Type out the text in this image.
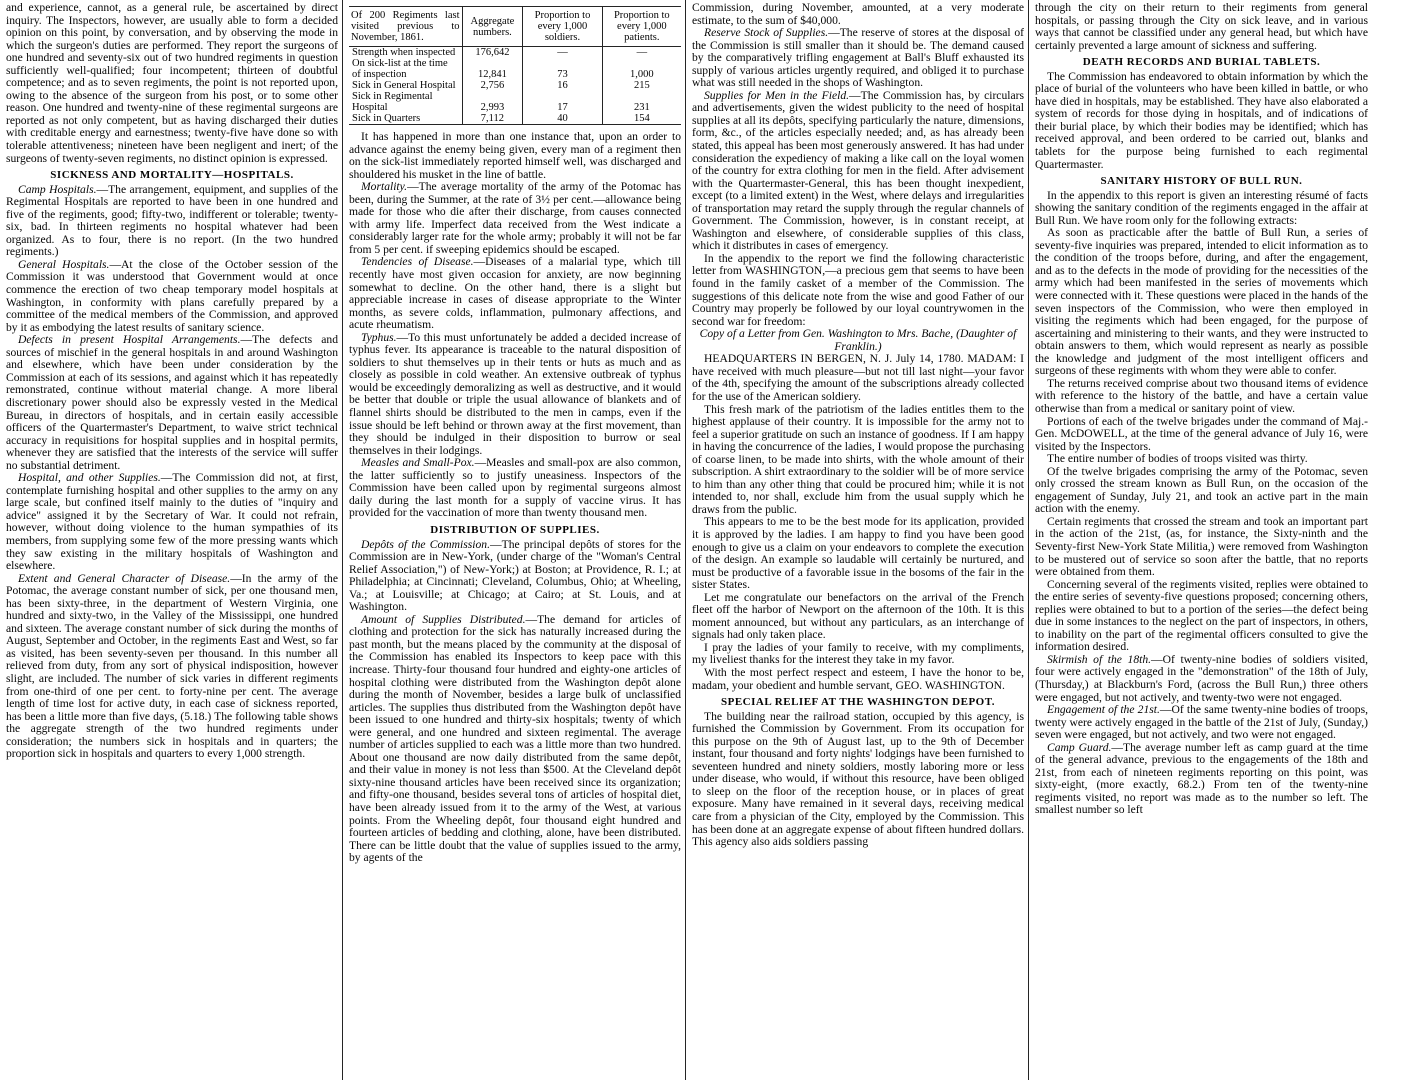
and experience, cannot, as a general rule, be ascertained by direct inquiry. The Inspectors, however, are usually able to form a decided opinion on this point, by conversation, and by observing the mode in which the surgeon's duties are performed. They report the surgeons of one hundred and seventy-six out of two hundred regiments in question sufficiently well-qualified; four incompetent; thirteen of doubtful competence; and as to seven regiments, the point is not reported upon, owing to the absence of the surgeon from his post, or to some other reason. One hundred and twenty-nine of these regimental surgeons are reported as not only competent, but as having discharged their duties with creditable energy and earnestness; twenty-five have done so with tolerable attentiveness; nineteen have been negligent and inert; of the surgeons of twenty-seven regiments, no distinct opinion is expressed.

SICKNESS AND MORTALITY—HOSPITALS.

Camp Hospitals.—The arrangement, equipment, and supplies of the Regimental Hospitals are reported to have been in one hundred and five of the regiments, good; fifty-two, indifferent or tolerable; twenty-six, bad. In thirteen regiments no hospital whatever had been organized. As to four, there is no report. (In the two hundred regiments.)

General Hospitals.—At the close of the October session of the Commission it was understood that Government would at once commence the erection of two cheap temporary model hospitals at Washington, in conformity with plans carefully prepared by a committee of the medical members of the Commission, and approved by it as embodying the latest results of sanitary science.

Defects in present Hospital Arrangements.—The defects and sources of mischief in the general hospitals in and around Washington and elsewhere, which have been under consideration by the Commission at each of its sessions, and against which it has repeatedly remonstrated, continue without material change. A more liberal discretionary power should also be expressly vested in the Medical Bureau, in directors of hospitals, and in certain easily accessible officers of the Quartermaster's Department, to waive strict technical accuracy in requisitions for hospital supplies and in hospital permits, whenever they are satisfied that the interests of the service will suffer no substantial detriment.

Hospital, and other Supplies.—The Commission did not, at first, contemplate furnishing hospital and other supplies to the army on any large scale, but confined itself mainly to the duties of "inquiry and advice" assigned it by the Secretary of War. It could not refrain, however, without doing violence to the human sympathies of its members, from supplying some few of the more pressing wants which they saw existing in the military hospitals of Washington and elsewhere.

Extent and General Character of Disease.—In the army of the Potomac, the average constant number of sick, per one thousand men, has been sixty-three, in the department of Western Virginia, one hundred and sixty-two, in the Valley of the Mississippi, one hundred and sixteen. The average constant number of sick during the months of August, September and October, in the regiments East and West, so far as visited, has been seventy-seven per thousand. In this number all relieved from duty, from any sort of physical indisposition, however slight, are included. The number of sick varies in different regiments from one-third of one per cent. to forty-nine per cent. The average length of time lost for active duty, in each case of sickness reported, has been a little more than five days, (5.18.) The following table shows the aggregate strength of the two hundred regiments under consideration; the numbers sick in hospitals and in quarters; the proportion sick in hospitals and quarters to every 1,000 strength.

Of 200 Regiments last visited previous to November, 1861.	Aggregate numbers.	Proportion to every 1,000 soldiers.	Proportion to every 1,000 patients.
Strength when inspected	176,642	—	—
On sick-list at the time of inspection	12,841	73	1,000
Sick in General Hospital	2,756	16	215
Sick in Regimental Hospital	2,993	17	231
Sick in Quarters	7,112	40	154

It has happened in more than one instance that, upon an order to advance against the enemy being given, every man of a regiment then on the sick-list immediately reported himself well, was discharged and shouldered his musket in the line of battle.

Mortality.—The average mortality of the army of the Potomac has been, during the Summer, at the rate of 3½ per cent.—allowance being made for those who die after their discharge, from causes connected with army life. Imperfect data received from the West indicate a considerably larger rate for the whole army; probably it will not be far from 5 per cent. if sweeping epidemics should be escaped.

Tendencies of Disease.—Diseases of a malarial type, which till recently have most given occasion for anxiety, are now beginning somewhat to decline. On the other hand, there is a slight but appreciable increase in cases of disease appropriate to the Winter months, as severe colds, inflammation, pulmonary affections, and acute rheumatism.

Typhus.—To this must unfortunately be added a decided increase of typhus fever. Its appearance is traceable to the natural disposition of soldiers to shut themselves up in their tents or huts as much and as closely as possible in cold weather. An extensive outbreak of typhus would be exceedingly demoralizing as well as destructive, and it would be better that double or triple the usual allowance of blankets and of flannel shirts should be distributed to the men in camps, even if the issue should be left behind or thrown away at the first movement, than they should be indulged in their disposition to burrow or seal themselves in their lodgings.

Measles and Small-Pox.—Measles and small-pox are also common, the latter sufficiently so to justify uneasiness. Inspectors of the Commission have been called upon by regimental surgeons almost daily during the last month for a supply of vaccine virus. It has provided for the vaccination of more than twenty thousand men.

DISTRIBUTION OF SUPPLIES.

Depôts of the Commission.—The principal depôts of stores for the Commission are in New-York, (under charge of the "Woman's Central Relief Association,") of New-York;) at Boston; at Providence, R. I.; at Philadelphia; at Cincinnati; Cleveland, Columbus, Ohio; at Wheeling, Va.; at Louisville; at Chicago; at Cairo; at St. Louis, and at Washington.

Amount of Supplies Distributed.—The demand for articles of clothing and protection for the sick has naturally increased during the past month, but the means placed by the community at the disposal of the Commission has enabled its Inspectors to keep pace with this increase. Thirty-four thousand four hundred and eighty-one articles of hospital clothing were distributed from the Washington depôt alone during the month of November, besides a large bulk of unclassified articles. The supplies thus distributed from the Washington depôt have been issued to one hundred and thirty-six hospitals; twenty of which were general, and one hundred and sixteen regimental. The average number of articles supplied to each was a little more than two hundred. About one thousand are now daily distributed from the same depôt, and their value in money is not less than $500. At the Cleveland depôt sixty-nine thousand articles have been received since its organization; and fifty-one thousand, besides several tons of articles of hospital diet, have been already issued from it to the army of the West, at various points. From the Wheeling depôt, four thousand eight hundred and fourteen articles of bedding and clothing, alone, have been distributed. There can be little doubt that the value of supplies issued to the army, by agents of the

Commission, during November, amounted, at a very moderate estimate, to the sum of $40,000.

Reserve Stock of Supplies.—The reserve of stores at the disposal of the Commission is still smaller than it should be. The demand caused by the comparatively trifling engagement at Ball's Bluff exhausted its supply of various articles urgently required, and obliged it to purchase what was still needed in the shops of Washington.

Supplies for Men in the Field.—The Commission has, by circulars and advertisements, given the widest publicity to the need of hospital supplies at all its depôts, specifying particularly the nature, dimensions, form, &c., of the articles especially needed; and, as has already been stated, this appeal has been most generously answered. It has had under consideration the expediency of making a like call on the loyal women of the country for extra clothing for men in the field. After advisement with the Quartermaster-General, this has been thought inexpedient, except (to a limited extent) in the West, where delays and irregularities of transportation may retard the supply through the regular channels of Government. The Commission, however, is in constant receipt, at Washington and elsewhere, of considerable supplies of this class, which it distributes in cases of emergency.

In the appendix to the report we find the following characteristic letter from WASHINGTON,—a precious gem that seems to have been found in the family casket of a member of the Commission. The suggestions of this delicate note from the wise and good Father of our Country may properly be followed by our loyal countrywomen in the second war for freedom:

Copy of a Letter from Gen. Washington to Mrs. Bache, (Daughter of Franklin.)

HEADQUARTERS IN BERGEN, N. J. July 14, 1780. MADAM: I have received with much pleasure—but not till last night—your favor of the 4th, specifying the amount of the subscriptions already collected for the use of the American soldiery.

This fresh mark of the patriotism of the ladies entitles them to the highest applause of their country. It is impossible for the army not to feel a superior gratitude on such an instance of goodness. If I am happy in having the concurrence of the ladies, I would propose the purchasing of coarse linen, to be made into shirts, with the whole amount of their subscription. A shirt extraordinary to the soldier will be of more service to him than any other thing that could be procured him; while it is not intended to, nor shall, exclude him from the usual supply which he draws from the public.

This appears to me to be the best mode for its application, provided it is approved by the ladies. I am happy to find you have been good enough to give us a claim on your endeavors to complete the execution of the design. An example so laudable will certainly be nurtured, and must be productive of a favorable issue in the bosoms of the fair in the sister States.

Let me congratulate our benefactors on the arrival of the French fleet off the harbor of Newport on the afternoon of the 10th. It is this moment announced, but without any particulars, as an interchange of signals had only taken place.

I pray the ladies of your family to receive, with my compliments, my liveliest thanks for the interest they take in my favor.

With the most perfect respect and esteem, I have the honor to be, madam, your obedient and humble servant, GEO. WASHINGTON.

SPECIAL RELIEF AT THE WASHINGTON DEPOT.

The building near the railroad station, occupied by this agency, is furnished the Commission by Government. From its occupation for this purpose on the 9th of August last, up to the 9th of December instant, four thousand and forty nights' lodgings have been furnished to seventeen hundred and ninety soldiers, mostly laboring more or less under disease, who would, if without this resource, have been obliged to sleep on the floor of the reception house, or in places of great exposure. Many have remained in it several days, receiving medical care from a physician of the City, employed by the Commission. This has been done at an aggregate expense of about fifteen hundred dollars. This agency also aids soldiers passing

through the city on their return to their regiments from general hospitals, or passing through the City on sick leave, and in various ways that cannot be classified under any general head, but which have certainly prevented a large amount of sickness and suffering.

DEATH RECORDS AND BURIAL TABLETS.

The Commission has endeavored to obtain information by which the place of burial of the volunteers who have been killed in battle, or who have died in hospitals, may be established. They have also elaborated a system of records for those dying in hospitals, and of indications of their burial place, by which their bodies may be identified; which has received approval, and been ordered to be carried out, blanks and tablets for the purpose being furnished to each regimental Quartermaster.

SANITARY HISTORY OF BULL RUN.

In the appendix to this report is given an interesting résumé of facts showing the sanitary condition of the regiments engaged in the affair at Bull Run. We have room only for the following extracts:

As soon as practicable after the battle of Bull Run, a series of seventy-five inquiries was prepared, intended to elicit information as to the condition of the troops before, during, and after the engagement, and as to the defects in the mode of providing for the necessities of the army which had been manifested in the series of movements which were connected with it. These questions were placed in the hands of the seven inspectors of the Commission, who were then employed in visiting the regiments which had been engaged, for the purpose of ascertaining and ministering to their wants, and they were instructed to obtain answers to them, which would represent as nearly as possible the knowledge and judgment of the most intelligent officers and surgeons of these regiments with whom they were able to confer.

The returns received comprise about two thousand items of evidence with reference to the history of the battle, and have a certain value otherwise than from a medical or sanitary point of view.

Portions of each of the twelve brigades under the command of Maj.-Gen. McDOWELL, at the time of the general advance of July 16, were visited by the Inspectors.

The entire number of bodies of troops visited was thirty.

Of the twelve brigades comprising the army of the Potomac, seven only crossed the stream known as Bull Run, on the occasion of the engagement of Sunday, July 21, and took an active part in the main action with the enemy.

Certain regiments that crossed the stream and took an important part in the action of the 21st, (as, for instance, the Sixty-ninth and the Seventy-first New-York State Militia,) were removed from Washington to be mustered out of service so soon after the battle, that no reports were obtained from them.

Concerning several of the regiments visited, replies were obtained to the entire series of seventy-five questions proposed; concerning others, replies were obtained to but to a portion of the series—the defect being due in some instances to the neglect on the part of inspectors, in others, to inability on the part of the regimental officers consulted to give the information desired.

Skirmish of the 18th.—Of twenty-nine bodies of soldiers visited, four were actively engaged in the "demonstration" of the 18th of July, (Thursday,) at Blackburn's Ford, (across the Bull Run,) three others were engaged, but not actively, and twenty-two were not engaged.

Engagement of the 21st.—Of the same twenty-nine bodies of troops, twenty were actively engaged in the battle of the 21st of July, (Sunday,) seven were engaged, but not actively, and two were not engaged.

Camp Guard.—The average number left as camp guard at the time of the general advance, previous to the engagements of the 18th and 21st, from each of nineteen regiments reporting on this point, was sixty-eight, (more exactly, 68.2.) From ten of the twenty-nine regiments visited, no report was made as to the number so left. The smallest number so left
